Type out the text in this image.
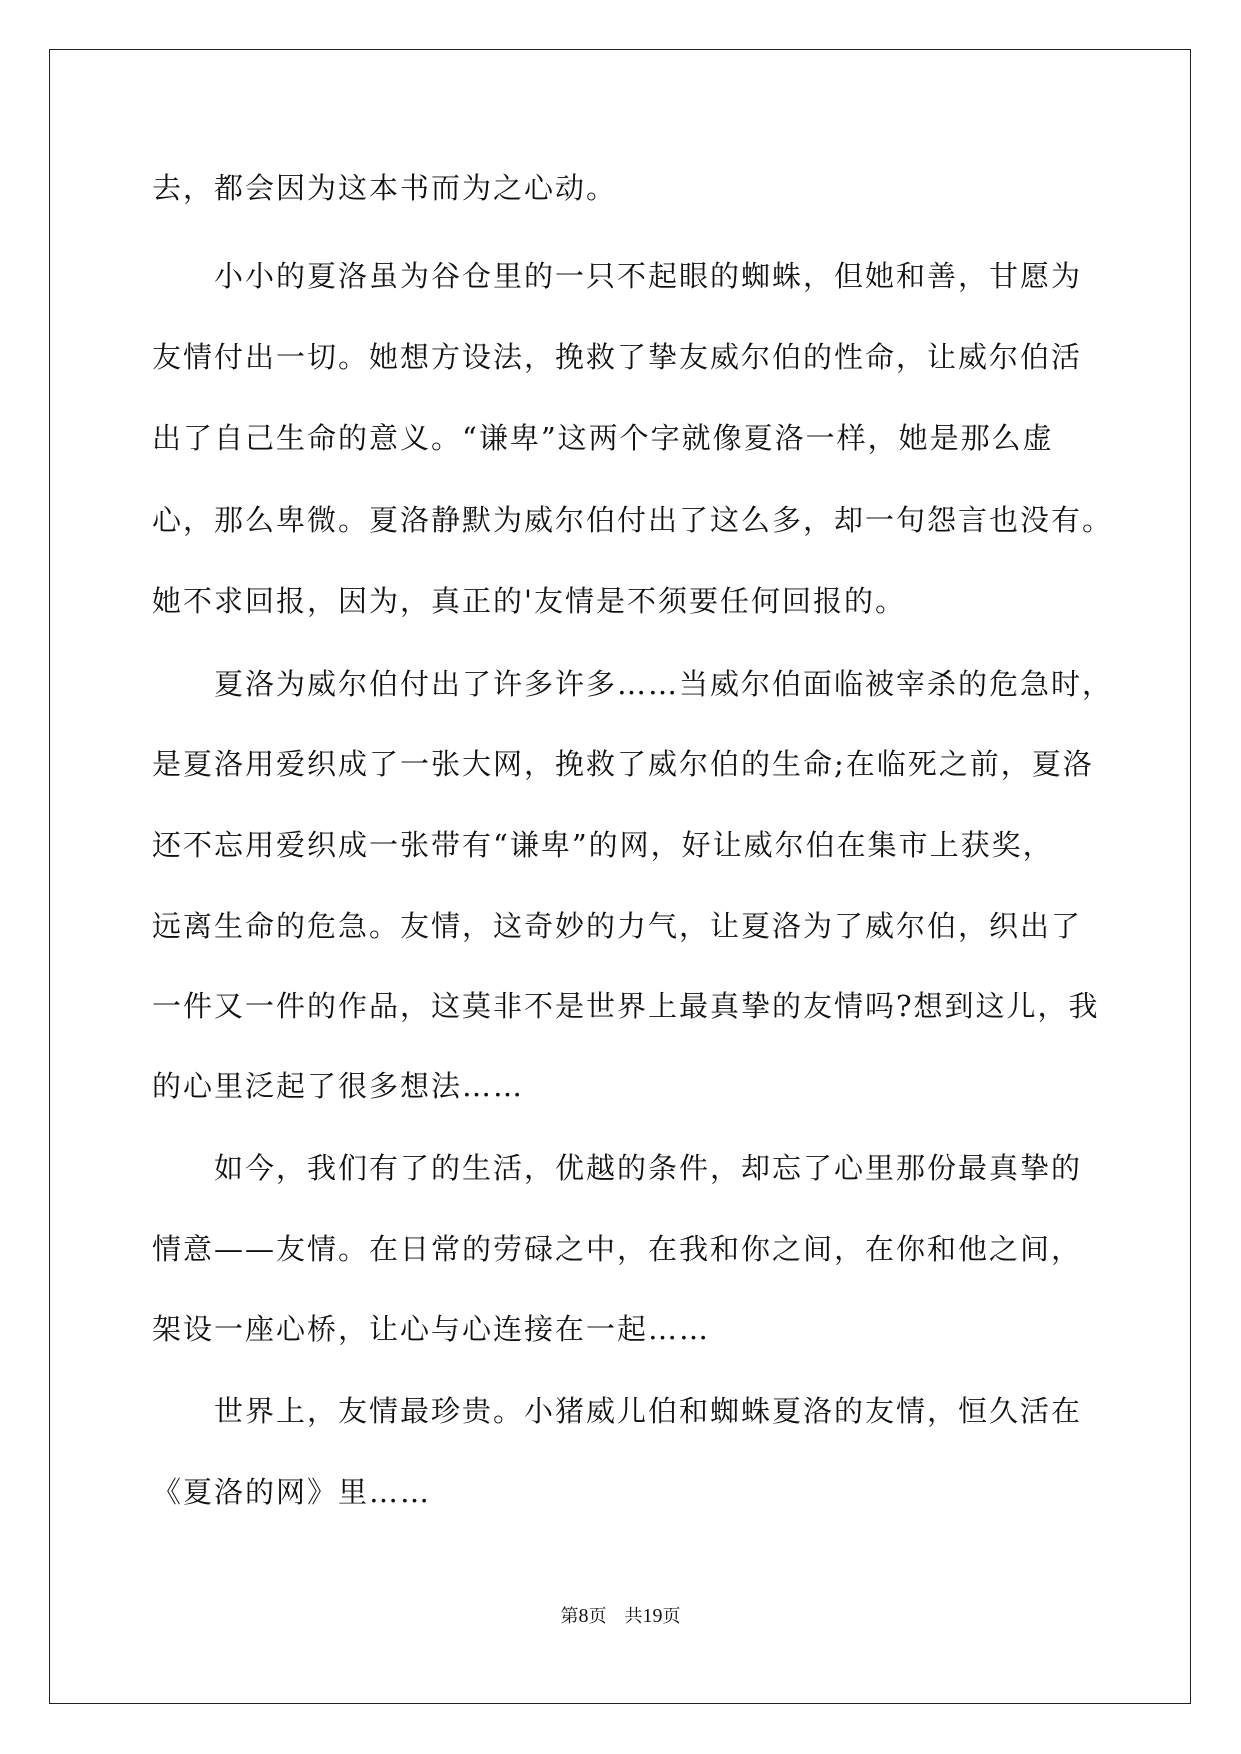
去，都会因为这本书而为之心动。
小小的夏洛虽为谷仓里的一只不起眼的蜘蛛，但她和善，甘愿为
友情付出一切。她想方设法，挽救了挚友威尔伯的性命，让威尔伯活
出了自己生命的意义。“谦卑”这两个字就像夏洛一样，她是那么虚
心，那么卑微。夏洛静默为威尔伯付出了这么多，却一句怨言也没有。
她不求回报，因为，真正的'友情是不须要任何回报的。
夏洛为威尔伯付出了许多许多……当威尔伯面临被宰杀的危急时，
是夏洛用爱织成了一张大网，挽救了威尔伯的生命;在临死之前，夏洛
还不忘用爱织成一张带有“谦卑”的网，好让威尔伯在集市上获奖，
远离生命的危急。友情，这奇妙的力气，让夏洛为了威尔伯，织出了
一件又一件的作品，这莫非不是世界上最真挚的友情吗?想到这儿，我
的心里泛起了很多想法……
如今，我们有了的生活，优越的条件，却忘了心里那份最真挚的
情意——友情。在日常的劳碌之中，在我和你之间，在你和他之间，
架设一座心桥，让心与心连接在一起……
世界上，友情最珍贵。小猪威儿伯和蜘蛛夏洛的友情，恒久活在
《夏洛的网》里……
第8页 共19页
